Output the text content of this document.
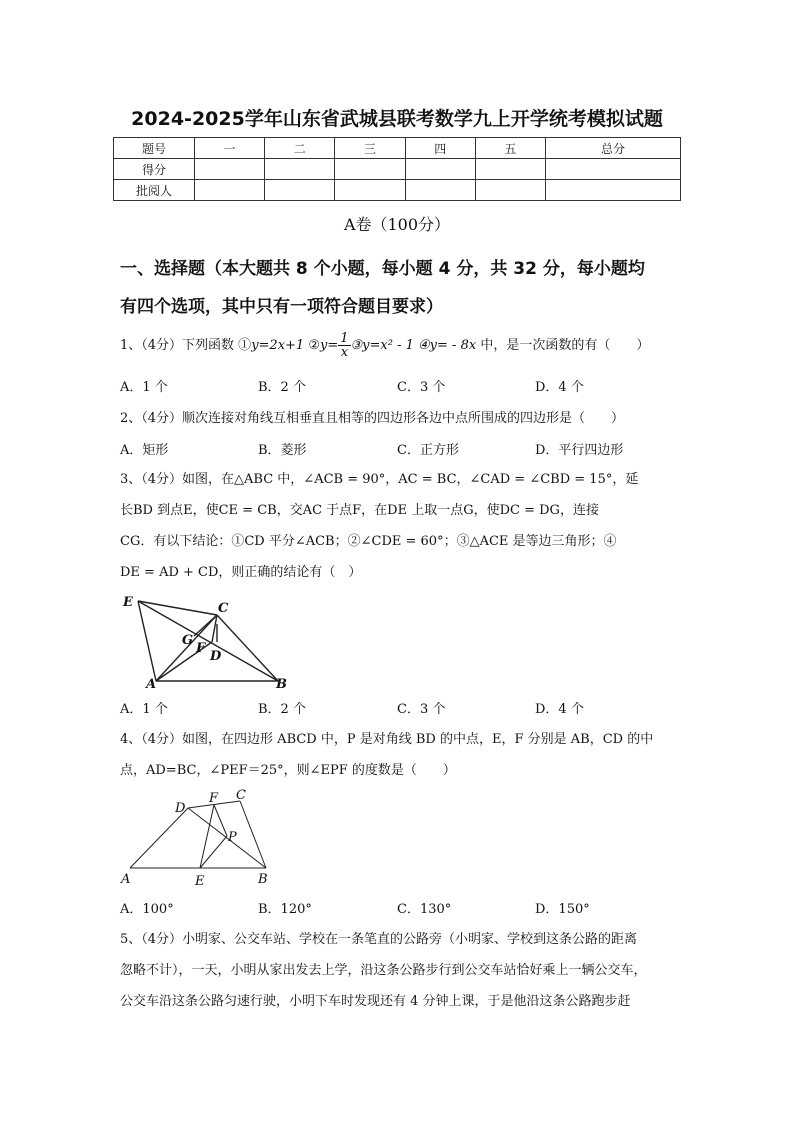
2024-2025学年山东省武城县联考数学九上开学统考模拟试题
题号	一	二	三	四	五	总分
得分						
批阅人						
A卷（100分）
一、选择题（本大题共 8 个小题，每小题 4 分，共 32 分，每小题均
有四个选项，其中只有一项符合题目要求）
1、（4分）下列函数 ①y=2x+1 ②y= $\frac{1}{x}$ ③y=x² - 1 ④y= - 8x 中，是一次函数的有（　　）
A．1 个	B．2 个	C．3 个	D．4 个
2、（4分）顺次连接对角线互相垂直且相等的四边形各边中点所围成的四边形是（　　）
A．矩形	B．菱形	C．正方形	D．平行四边形
3、（4分）如图，在△ABC 中，∠ACB = 90°，AC = BC，∠CAD = ∠CBD = 15°，延
长BD 到点E，使CE = CB，交AC 于点F，在DE 上取一点G，使DC = DG，连接
CG．有以下结论：①CD 平分∠ACB；②∠CDE = 60°；③△ACE 是等边三角形；④
DE = AD + CD，则正确的结论有（　）
E	C
G
F
D
A	B
A．1 个	B．2 个	C．3 个	D．4 个
4、（4分）如图，在四边形 ABCD 中，P 是对角线 BD 的中点，E，F 分别是 AB，CD 的中
点，AD=BC，∠PEF＝25°，则∠EPF 的度数是（　　）
D
F C
P
A	E	B
A．100°	B．120°	C．130°	D．150°
5、（4分）小明家、公交车站、学校在一条笔直的公路旁（小明家、学校到这条公路的距离
忽略不计），一天，小明从家出发去上学，沿这条公路步行到公交车站恰好乘上一辆公交车，
公交车沿这条公路匀速行驶，小明下车时发现还有 4 分钟上课，于是他沿这条公路跑步赶
